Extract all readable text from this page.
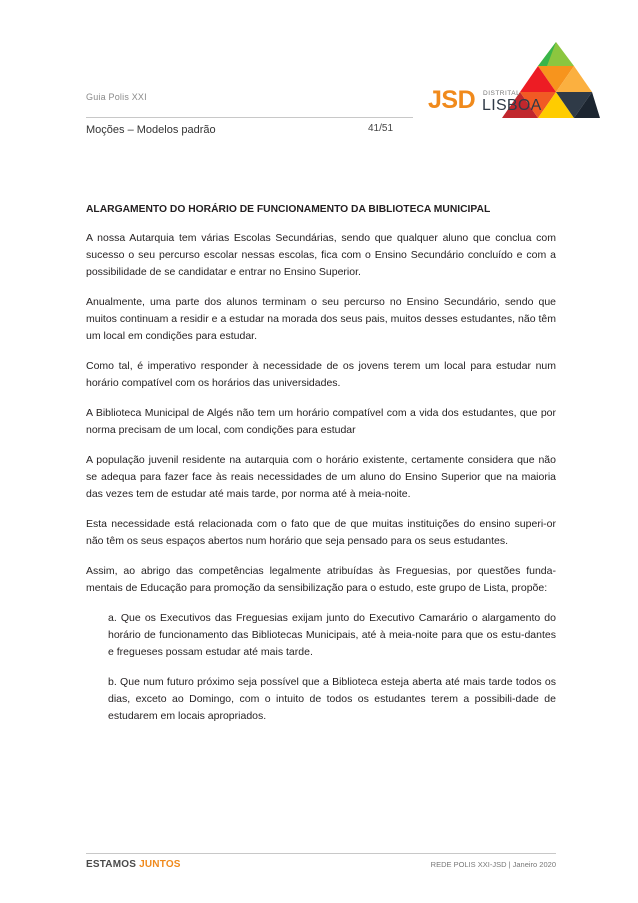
Guia Polis XXI
Moções – Modelos padrão	41/51
JSD DISTRITAL
LISBOA
ALARGAMENTO DO HORÁRIO DE FUNCIONAMENTO DA BIBLIOTECA MUNICIPAL

A nossa Autarquia tem várias Escolas Secundárias, sendo que qualquer aluno que conclua com sucesso o seu percurso escolar nessas escolas, fica com o Ensino Secundário concluído e com a possibilidade de se candidatar e entrar no Ensino Superior.

Anualmente, uma parte dos alunos terminam o seu percurso no Ensino Secundário, sendo que muitos continuam a residir e a estudar na morada dos seus pais, muitos desses estudantes, não têm um local em condições para estudar.

Como tal, é imperativo responder à necessidade de os jovens terem um local para estudar num horário compatível com os horários das universidades.

A Biblioteca Municipal de Algés não tem um horário compatível com a vida dos estudantes, que por norma precisam de um local, com condições para estudar

A população juvenil residente na autarquia com o horário existente, certamente considera que não se adequa para fazer face às reais necessidades de um aluno do Ensino Superior que na maioria das vezes tem de estudar até mais tarde, por norma até à meia-noite.

Esta necessidade está relacionada com o fato que de que muitas instituições do ensino superi-or não têm os seus espaços abertos num horário que seja pensado para os seus estudantes.

Assim, ao abrigo das competências legalmente atribuídas às Freguesias, por questões funda-mentais de Educação para promoção da sensibilização para o estudo, este grupo de Lista, propõe:

a. Que os Executivos das Freguesias exijam junto do Executivo Camarário o alargamento do horário de funcionamento das Bibliotecas Municipais, até à meia-noite para que os estu-dantes e fregueses possam estudar até mais tarde.

b. Que num futuro próximo seja possível que a Biblioteca esteja aberta até mais tarde todos os dias, exceto ao Domingo, com o intuito de todos os estudantes terem a possibili-dade de estudarem em locais apropriados.

ESTAMOS JUNTOS	REDE POLIS XXI-JSD | Janeiro 2020
